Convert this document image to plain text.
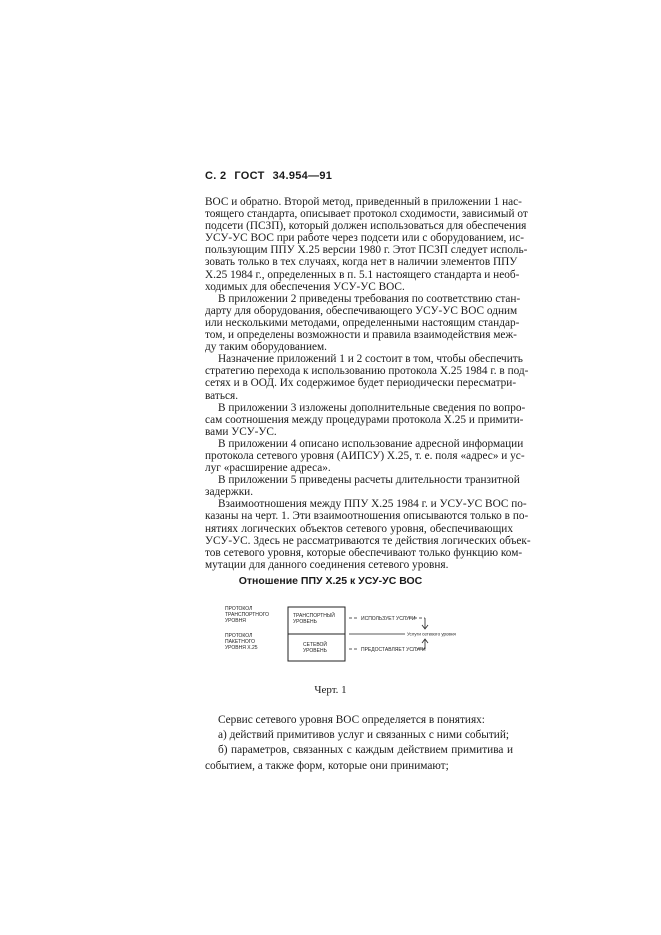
С. 2 ГОСТ 34.954—91
ВОС и обратно. Второй метод, приведенный в приложении 1 нас-
тоящего стандарта, описывает протокол сходимости, зависимый от
подсети (ПСЗП), который должен использоваться для обеспечения
УСУ-УС ВОС при работе через подсети или с оборудованием, ис-
пользующим ППУ X.25 версии 1980 г. Этот ПСЗП следует исполь-
зовать только в тех случаях, когда нет в наличии элементов ППУ
X.25 1984 г., определенных в п. 5.1 настоящего стандарта и необ-
ходимых для обеспечения УСУ-УС ВОС.
В приложении 2 приведены требования по соответствию стан-
дарту для оборудования, обеспечивающего УСУ-УС ВОС одним
или несколькими методами, определенными настоящим стандар-
том, и определены возможности и правила взаимодействия меж-
ду таким оборудованием.
Назначение приложений 1 и 2 состоит в том, чтобы обеспечить
стратегию перехода к использованию протокола X.25 1984 г. в под-
сетях и в ООД. Их содержимое будет периодически пересматри-
ваться.
В приложении 3 изложены дополнительные сведения по вопро-
сам соотношения между процедурами протокола X.25 и примити-
вами УСУ-УС.
В приложении 4 описано использование адресной информации
протокола сетевого уровня (АИПСУ) X.25, т. е. поля «адрес» и ус-
луг «расширение адреса».
В приложении 5 приведены расчеты длительности транзитной
задержки.
Взаимоотношения между ППУ X.25 1984 г. и УСУ-УС ВОС по-
казаны на черт. 1. Эти взаимоотношения описываются только в по-
нятиях логических объектов сетевого уровня, обеспечивающих
УСУ-УС. Здесь не рассматриваются те действия логических объек-
тов сетевого уровня, которые обеспечивают только функцию ком-
мутации для данного соединения сетевого уровня.
Отношение ППУ X.25 к УСУ-УС ВОС
ПРОТОКОЛ ТРАНСПОРТНОГО УРОВНЯ
ПРОТОКОЛ ПАКЕТНОГО УРОВНЯ X.25
ТРАНСПОРТНЫЙ УРОВЕНЬ
СЕТЕВОЙ УРОВЕНЬ
ИСПОЛЬЗУЕТ УСЛУГИ
Услуги сетевого уровня
ПРЕДОСТАВЛЯЕТ УСЛУГИ
Черт. 1
Сервис сетевого уровня ВОС определяется в понятиях:
а) действий примитивов услуг и связанных с ними событий;
б) параметров, связанных с каждым действием примитива и
событием, а также форм, которые они принимают;
